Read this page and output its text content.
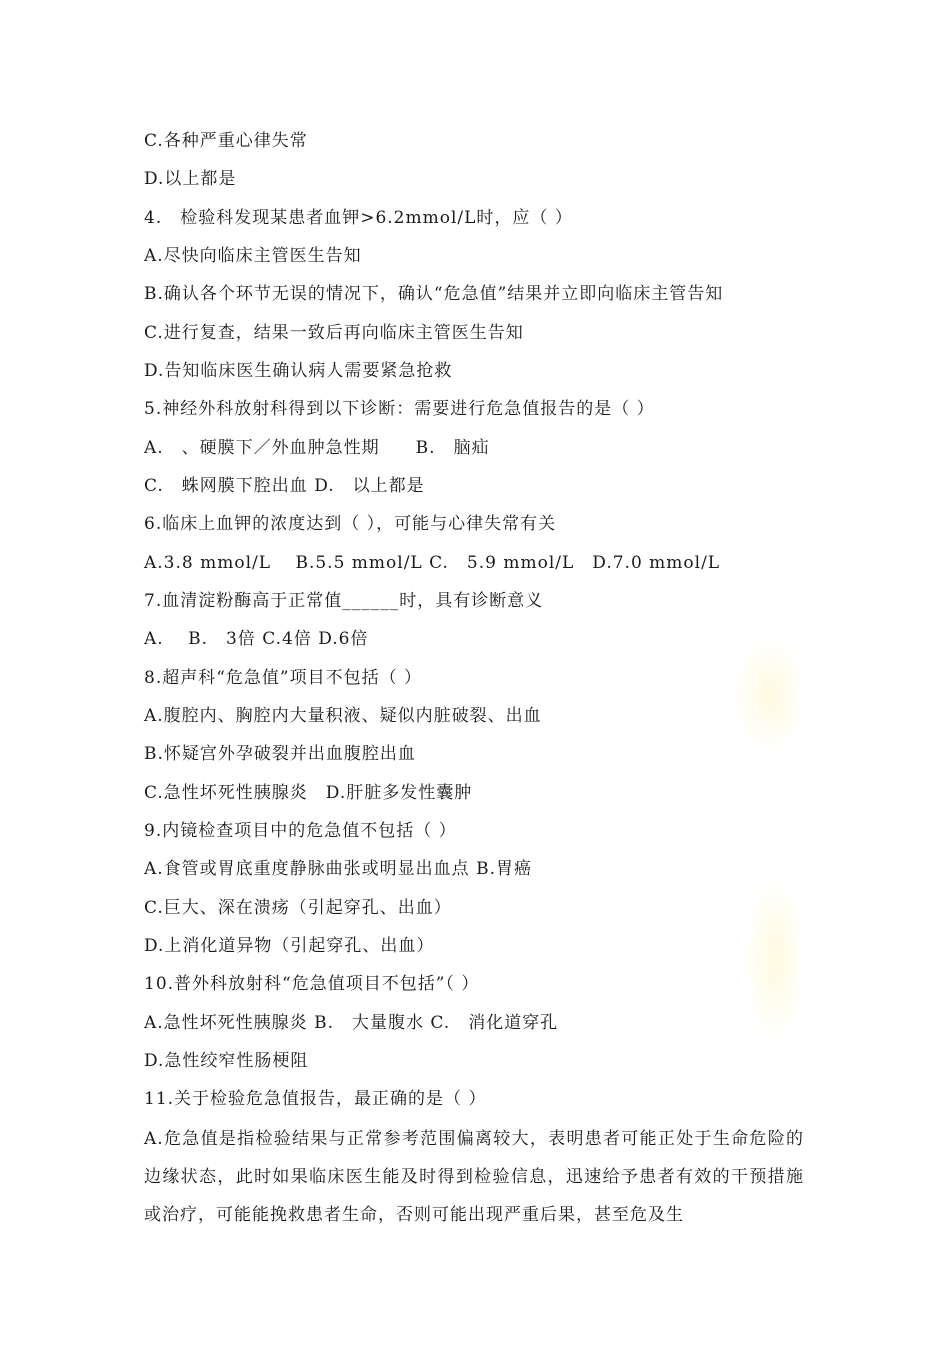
C.各种严重心律失常
D.以上都是
4.　检验科发现某患者血钾>6.2mmol/L时，应（ ）
A.尽快向临床主管医生告知
B.确认各个环节无误的情况下，确认“危急值”结果并立即向临床主管告知
C.进行复查，结果一致后再向临床主管医生告知
D.告知临床医生确认病人需要紧急抢救
5.神经外科放射科得到以下诊断：需要进行危急值报告的是（ ）
A.　、硬膜下／外血肿急性期　　B.　脑疝
C.　蛛网膜下腔出血 D.　以上都是
6.临床上血钾的浓度达到（ ），可能与心律失常有关
A.3.8 mmol/L　 B.5.5 mmol/L C.　5.9 mmol/L　D.7.0 mmol/L
7.血清淀粉酶高于正常值______时，具有诊断意义
A.　 B.　3倍 C.4倍 D.6倍
8.超声科“危急值”项目不包括（ ）
A.腹腔内、胸腔内大量积液、疑似内脏破裂、出血
B.怀疑宫外孕破裂并出血腹腔出血
C.急性坏死性胰腺炎　D.肝脏多发性囊肿
9.内镜检查项目中的危急值不包括（ ）
A.食管或胃底重度静脉曲张或明显出血点 B.胃癌
C.巨大、深在溃疡（引起穿孔、出血）
D.上消化道异物（引起穿孔、出血）
10.普外科放射科“危急值项目不包括”（ ）
A.急性坏死性胰腺炎 B.　大量腹水 C.　消化道穿孔
D.急性绞窄性肠梗阻
11.关于检验危急值报告，最正确的是（ ）
A.危急值是指检验结果与正常参考范围偏离较大，表明患者可能正处于生命危险的边缘状态，此时如果临床医生能及时得到检验信息，迅速给予患者有效的干预措施或治疗，可能能挽救患者生命，否则可能出现严重后果，甚至危及生
